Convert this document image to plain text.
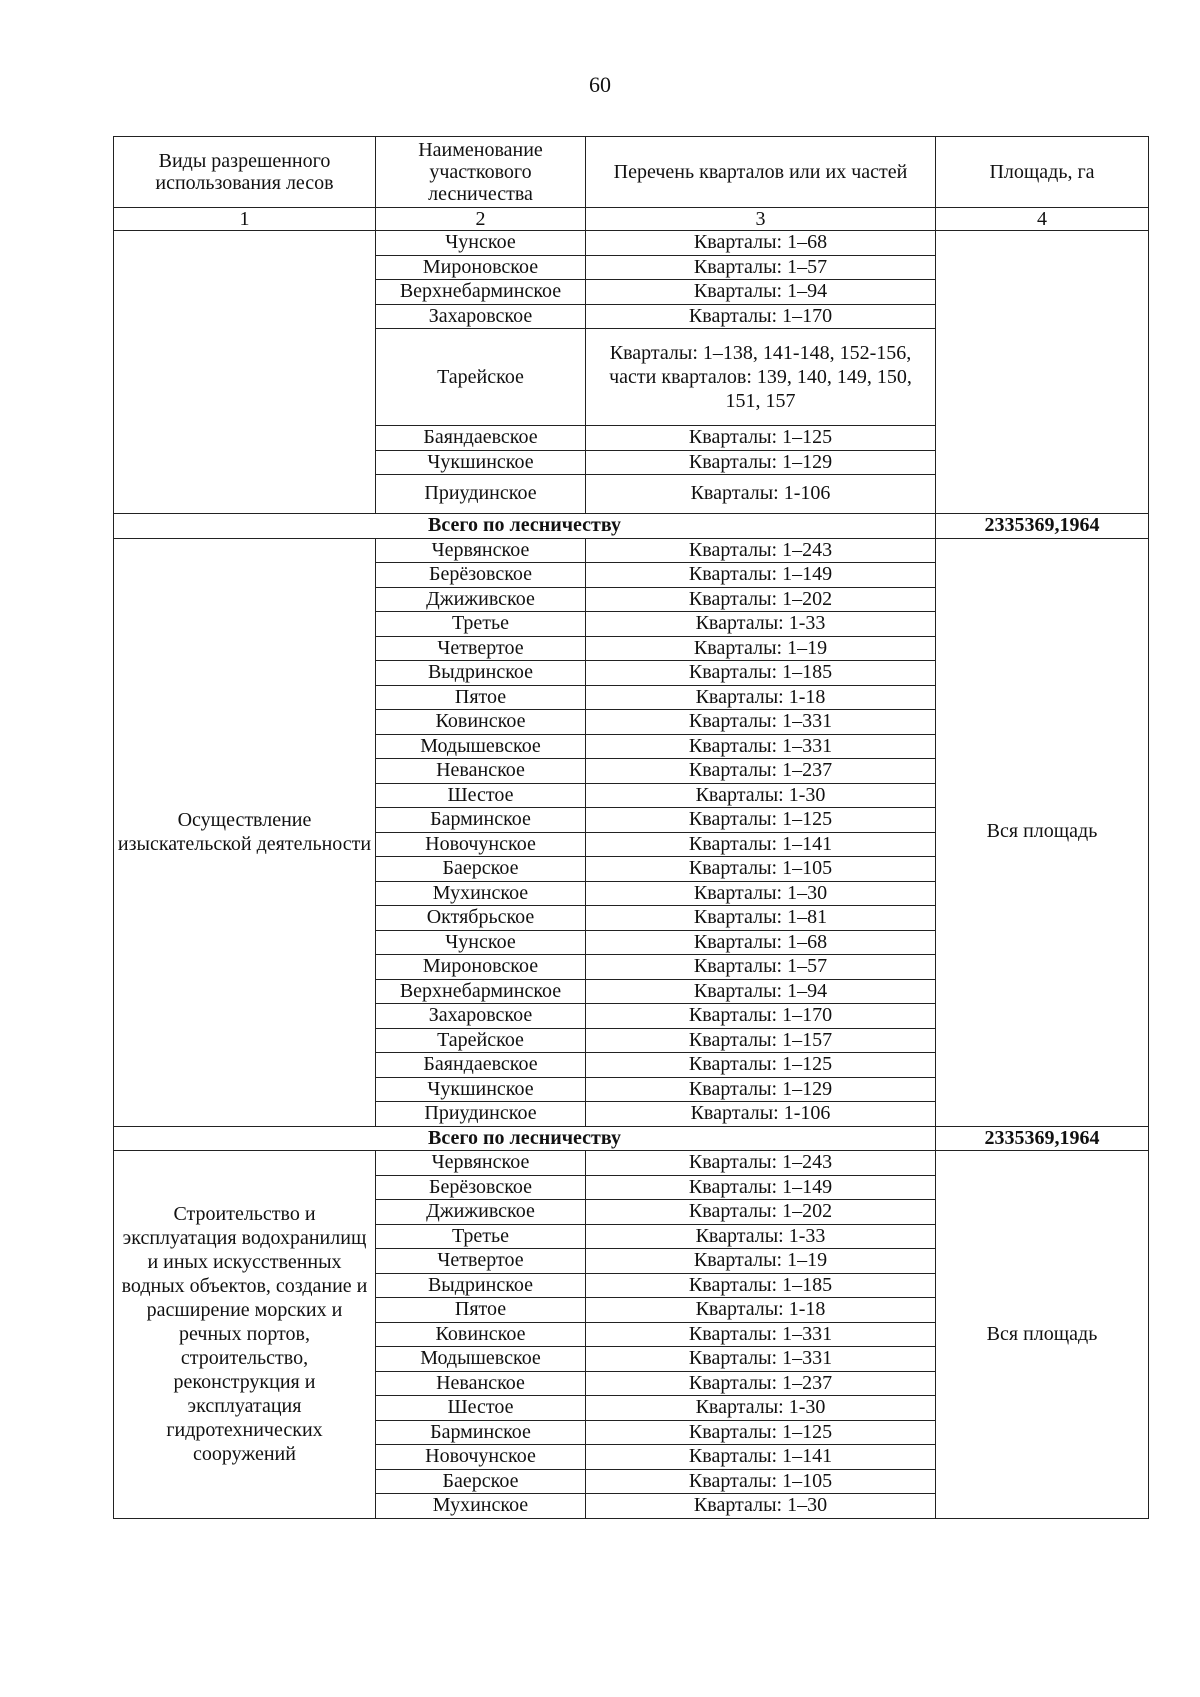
60
Виды разрешенного использования лесов	Наименование участкового лесничества	Перечень кварталов или их частей	Площадь, га
1	2	3	4
	Чунское	Кварталы: 1–68	
	Мироновское	Кварталы: 1–57	
	Верхнебарминское	Кварталы: 1–94	
	Захаровское	Кварталы: 1–170	
	Тарейское	Кварталы: 1–138, 141-148, 152-156, части кварталов: 139, 140, 149, 150, 151, 157	
	Баяндаевское	Кварталы: 1–125	
	Чукшинское	Кварталы: 1–129	
	Приудинское	Кварталы: 1-106	
Всего по лесничеству			2335369,1964
Осуществление изыскательской деятельности	Червянское	Кварталы: 1–243	Вся площадь
	Берёзовское	Кварталы: 1–149	
	Джиживское	Кварталы: 1–202	
	Третье	Кварталы: 1-33	
	Четвертое	Кварталы: 1–19	
	Выдринское	Кварталы: 1–185	
	Пятое	Кварталы: 1-18	
	Ковинское	Кварталы: 1–331	
	Модышевское	Кварталы: 1–331	
	Неванское	Кварталы: 1–237	
	Шестое	Кварталы: 1-30	
	Барминское	Кварталы: 1–125	
	Новочунское	Кварталы: 1–141	
	Баерское	Кварталы: 1–105	
	Мухинское	Кварталы: 1–30	
	Октябрьское	Кварталы: 1–81	
	Чунское	Кварталы: 1–68	
	Мироновское	Кварталы: 1–57	
	Верхнебарминское	Кварталы: 1–94	
	Захаровское	Кварталы: 1–170	
	Тарейское	Кварталы: 1–157	
	Баяндаевское	Кварталы: 1–125	
	Чукшинское	Кварталы: 1–129	
	Приудинское	Кварталы: 1-106	
Всего по лесничеству			2335369,1964
Строительство и эксплуатация водохранилищ и иных искусственных водных объектов, создание и расширение морских и речных портов, строительство, реконструкция и эксплуатация гидротехнических сооружений	Червянское	Кварталы: 1–243	Вся площадь
	Берёзовское	Кварталы: 1–149	
	Джиживское	Кварталы: 1–202	
	Третье	Кварталы: 1-33	
	Четвертое	Кварталы: 1–19	
	Выдринское	Кварталы: 1–185	
	Пятое	Кварталы: 1-18	
	Ковинское	Кварталы: 1–331	
	Модышевское	Кварталы: 1–331	
	Неванское	Кварталы: 1–237	
	Шестое	Кварталы: 1-30	
	Барминское	Кварталы: 1–125	
	Новочунское	Кварталы: 1–141	
	Баерское	Кварталы: 1–105	
	Мухинское	Кварталы: 1–30	
